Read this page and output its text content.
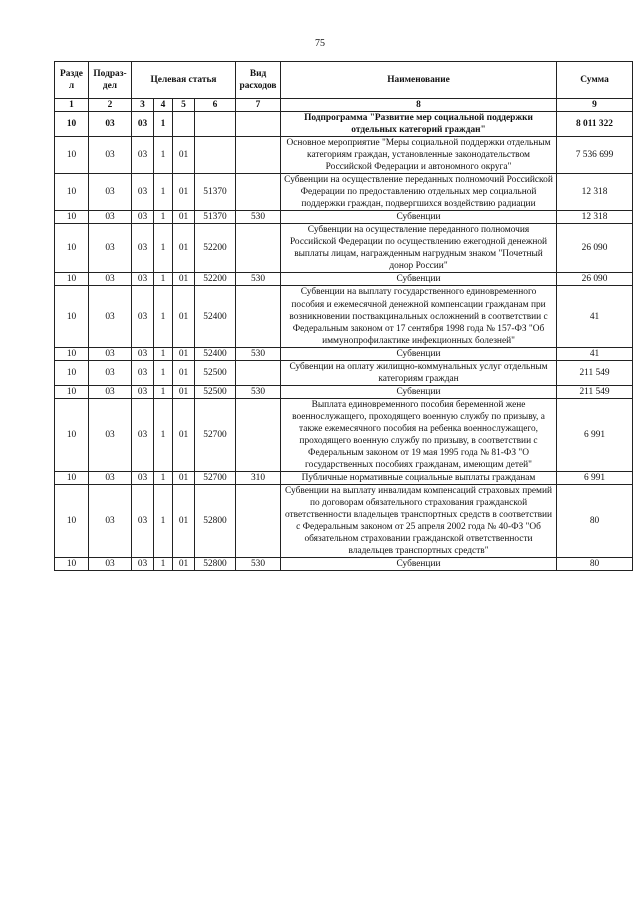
75
Разде л	Подраз- дел	Целевая статья				Вид расходов	Наименование	Сумма
1	2	3	4	5	6	7	8	9
10	03	03	1				Подпрограмма "Развитие мер социальной поддержки отдельных категорий граждан"	8 011 322
10	03	03	1	01			Основное мероприятие "Меры социальной поддержки отдельным категориям граждан, установленные законодательством Российской Федерации и автономного округа"	7 536 699
10	03	03	1	01	51370		Субвенции на осуществление переданных полномочий Российской Федерации по предоставлению отдельных мер социальной поддержки граждан, подвергшихся воздействию радиации	12 318
10	03	03	1	01	51370	530	Субвенции	12 318
10	03	03	1	01	52200		Субвенции на осуществление переданного полномочия Российской Федерации по осуществлению ежегодной денежной выплаты лицам, награжденным нагрудным знаком "Почетный донор России"	26 090
10	03	03	1	01	52200	530	Субвенции	26 090
10	03	03	1	01	52400		Субвенции на выплату государственного единовременного пособия и ежемесячной денежной компенсации гражданам при возникновении поствакцинальных осложнений в соответствии с Федеральным законом от 17 сентября 1998 года № 157-ФЗ "Об иммунопрофилактике инфекционных болезней"	41
10	03	03	1	01	52400	530	Субвенции	41
10	03	03	1	01	52500		Субвенции на оплату жилищно-коммунальных услуг отдельным категориям граждан	211 549
10	03	03	1	01	52500	530	Субвенции	211 549
10	03	03	1	01	52700		Выплата единовременного пособия беременной жене военнослужащего, проходящего военную службу по призыву, а также ежемесячного пособия на ребенка военнослужащего, проходящего военную службу по призыву, в соответствии с Федеральным законом от 19 мая 1995 года № 81-ФЗ "О государственных пособиях гражданам, имеющим детей"	6 991
10	03	03	1	01	52700	310	Публичные нормативные социальные выплаты гражданам	6 991
10	03	03	1	01	52800		Субвенции на выплату инвалидам компенсаций страховых премий по договорам обязательного страхования гражданской ответственности владельцев транспортных средств в соответствии с Федеральным законом от 25 апреля 2002 года № 40-ФЗ "Об обязательном страховании гражданской ответственности владельцев транспортных средств"	80
10	03	03	1	01	52800	530	Субвенции	80
